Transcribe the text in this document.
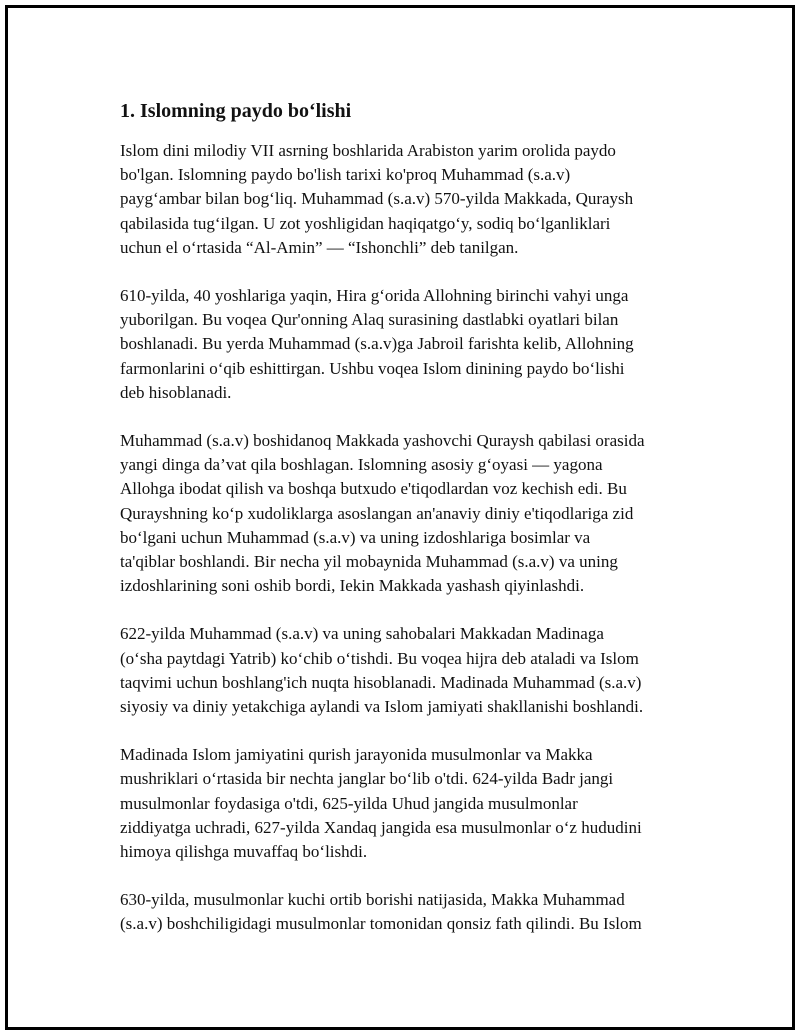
1. Islomning paydo bo‘lishi

Islom dini milodiy VII asrning boshlarida Arabiston yarim orolida paydo
bo'lgan. Islomning paydo bo'lish tarixi ko'proq Muhammad (s.a.v)
payg‘ambar bilan bog‘liq. Muhammad (s.a.v) 570-yilda Makkada, Quraysh
qabilasida tug‘ilgan. U zot yoshligidan haqiqatgo‘y, sodiq bo‘lganliklari
uchun el o‘rtasida “Al-Amin” — “Ishonchli” deb tanilgan.

610-yilda, 40 yoshlariga yaqin, Hira g‘orida Allohning birinchi vahyi unga
yuborilgan. Bu voqea Qur'onning Alaq surasining dastlabki oyatlari bilan
boshlanadi. Bu yerda Muhammad (s.a.v)ga Jabroil farishta kelib, Allohning
farmonlarini o‘qib eshittirgan. Ushbu voqea Islom dinining paydo bo‘lishi
deb hisoblanadi.

Muhammad (s.a.v) boshidanoq Makkada yashovchi Quraysh qabilasi orasida
yangi dinga da’vat qila boshlagan. Islomning asosiy g‘oyasi — yagona
Allohga ibodat qilish va boshqa butxudo e'tiqodlardan voz kechish edi. Bu
Qurayshning ko‘p xudoliklarga asoslangan an'anaviy diniy e'tiqodlariga zid
bo‘lgani uchun Muhammad (s.a.v) va uning izdoshlariga bosimlar va
ta'qiblar boshlandi. Bir necha yil mobaynida Muhammad (s.a.v) va uning
izdoshlarining soni oshib bordi, Iekin Makkada yashash qiyinlashdi.

622-yilda Muhammad (s.a.v) va uning sahobalari Makkadan Madinaga
(o‘sha paytdagi Yatrib) ko‘chib o‘tishdi. Bu voqea hijra deb ataladi va Islom
taqvimi uchun boshlang'ich nuqta hisoblanadi. Madinada Muhammad (s.a.v)
siyosiy va diniy yetakchiga aylandi va Islom jamiyati shakllanishi boshlandi.

Madinada Islom jamiyatini qurish jarayonida musulmonlar va Makka
mushriklari o‘rtasida bir nechta janglar bo‘lib o'tdi. 624-yilda Badr jangi
musulmonlar foydasiga o'tdi, 625-yilda Uhud jangida musulmonlar
ziddiyatga uchradi, 627-yilda Xandaq jangida esa musulmonlar o‘z hududini
himoya qilishga muvaffaq bo‘lishdi.

630-yilda, musulmonlar kuchi ortib borishi natijasida, Makka Muhammad
(s.a.v) boshchiligidagi musulmonlar tomonidan qonsiz fath qilindi. Bu Islom
